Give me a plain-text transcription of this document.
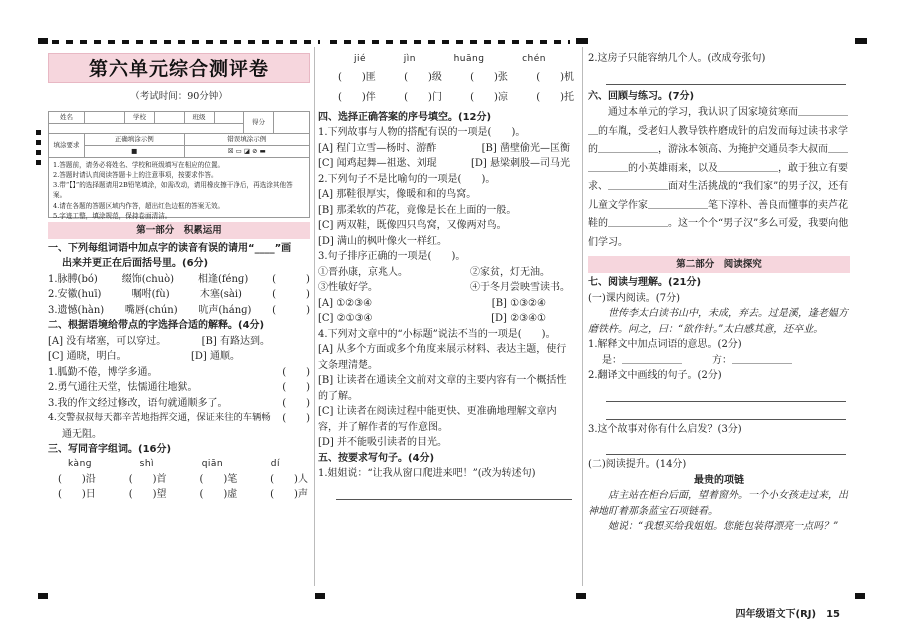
第六单元综合测评卷
（考试时间：90分钟）
姓名		学校		班级		得分	

填涂要求	正确填涂示例			错误填涂示例			
	■			☒ ▭ ◪ ⊘ ▬			
1.答题前，请务必将姓名、学校和班级填写在相应的位置。
2.答题时请认真阅读答题卡上的注意事项，按要求作答。
3.带“【】”的选择题请用2B铅笔填涂，如需改动，请用橡皮擦干净后，再选涂其他答案。
4.请在各题的答题区域内作答，超出红色边框的答案无效。
5.字迹工整，填涂规范，保持卷面清洁。
第一部分　积累运用
一、下列每组词语中加点字的读音有误的请用“____”画
出来并更正在后面括号里。(6分)
1.脉膊(bó) 缀饰(chuò) 相逢(fénɡ) (　　　)
2.安徽(huī)	嘱咐(fù)	木塞(sài)	(　　　)
3.遗憾(hàn) 嘴唇(chún) 吭声(hánɡ) (　　　)
二、根据语境给带点的字选择合适的解释。(4分)
[A] 没有堵塞，可以穿过。	[B] 有路达到。
[C] 通晓，明白。	[D] 通顺。
1.胍勤不倦，博学多通。	(　　)
2.勇气通往天堂，怯懦通往地狱。	(　　)
3.我的作文经过修改，语句就通顺多了。	(　　)
4.交警叔叔每天都辛苦地指挥交通，保证来往的车辆畅 (　　)
通无阻。
三、写同音字组词。(16分)
kànɡ	shì	qiān	dí
(　　)沿	(　　)首	(　　)笔	(　　)人
(　　)日	(　　)望	(　　)虚	(　　)声
jié	jìn	huānɡ	chén
(　　)匪	(　　)级	(　　)张	(　　)机
(　　)伴	(　　)门	(　　)凉	(　　)托
四、选择正确答案的序号填空。(12分)
1.下列故事与人物的搭配有误的一项是(　　)。
[A] 程门立雪—杨时、游酢	[B] 凿壁偷光—匡衡
[C] 闻鸡起舞—祖逖、刘琨	[D] 悬梁刺股—司马光
2.下列句子不是比喻句的一项是(　　)。
[A] 那鞋很厚实，像暖和和的鸟窝。
[B] 那柔软的芦花，竟像是长在上面的一般。
[C] 两双鞋，既像四只鸟窝，又像两对鸟。
[D] 满山的枫叶像火一样红。
3.句子排序正确的一项是(　　)。
①晋孙康，京兆人。	②家贫，灯无油。
③性敏好学。	④于冬月尝映雪读书。
[A] ①②③④	[B] ①③②④
[C] ②①③④	[D] ②③④①
4.下列对文章中的“小标题”说法不当的一项是(　　)。
[A] 从多个方面或多个角度来展示材料、表达主题，使行文条理清楚。
[B] 让读者在通读全文前对文章的主要内容有一个概括性的了解。
[C] 让读者在阅读过程中能更快、更准确地理解文章内容，并了解作者的写作意图。
[D] 并不能吸引读者的目光。
五、按要求写句子。(4分)
1.姐姐说：“让我从窗口爬进来吧！”(改为转述句)
2.这房子只能容纳几个人。(改成夸张句)
六、回顾与练习。(7分)
通过本单元的学习，我认识了因家境贫寒而＿＿＿＿＿＿的车胤，受老妇人教导铁杵磨成针的启发而每过读书求学的＿＿＿＿＿＿，游泳本领高、为掩护交通员李大叔而＿＿＿＿＿＿的小英雄雨来，以及＿＿＿＿＿＿，敢于独立有要求、＿＿＿＿＿＿面对生活挑战的“我们家”的男子汉，还有儿童文学作家＿＿＿＿＿＿笔下淳朴、善良而懂事的卖芦花鞋的＿＿＿＿＿＿。这一个个“男子汉”多么可爱，我要向他们学习。
第二部分　阅读探究
七、阅读与理解。(21分)
(一)课内阅读。(7分)
世传李太白读书山中，未成，弃去。过是溪，逢老媪方磨铁杵。问之，曰：“欲作针。”太白感其意，还卒业。
1.解释文中加点词语的意思。(2分)
是：＿＿＿＿＿＿　　　方：＿＿＿＿＿＿
2.翻译文中画线的句子。(2分)
3.这个故事对你有什么启发？(3分)
(二)阅读提升。(14分)
最贵的项链
店主站在柜台后面，望着窗外。一个小女孩走过来，出神地盯着那条蓝宝石项链看。
她说：“我想买给我姐姐。您能包装得漂亮一点吗？”
四年级语文下(RJ)　15
